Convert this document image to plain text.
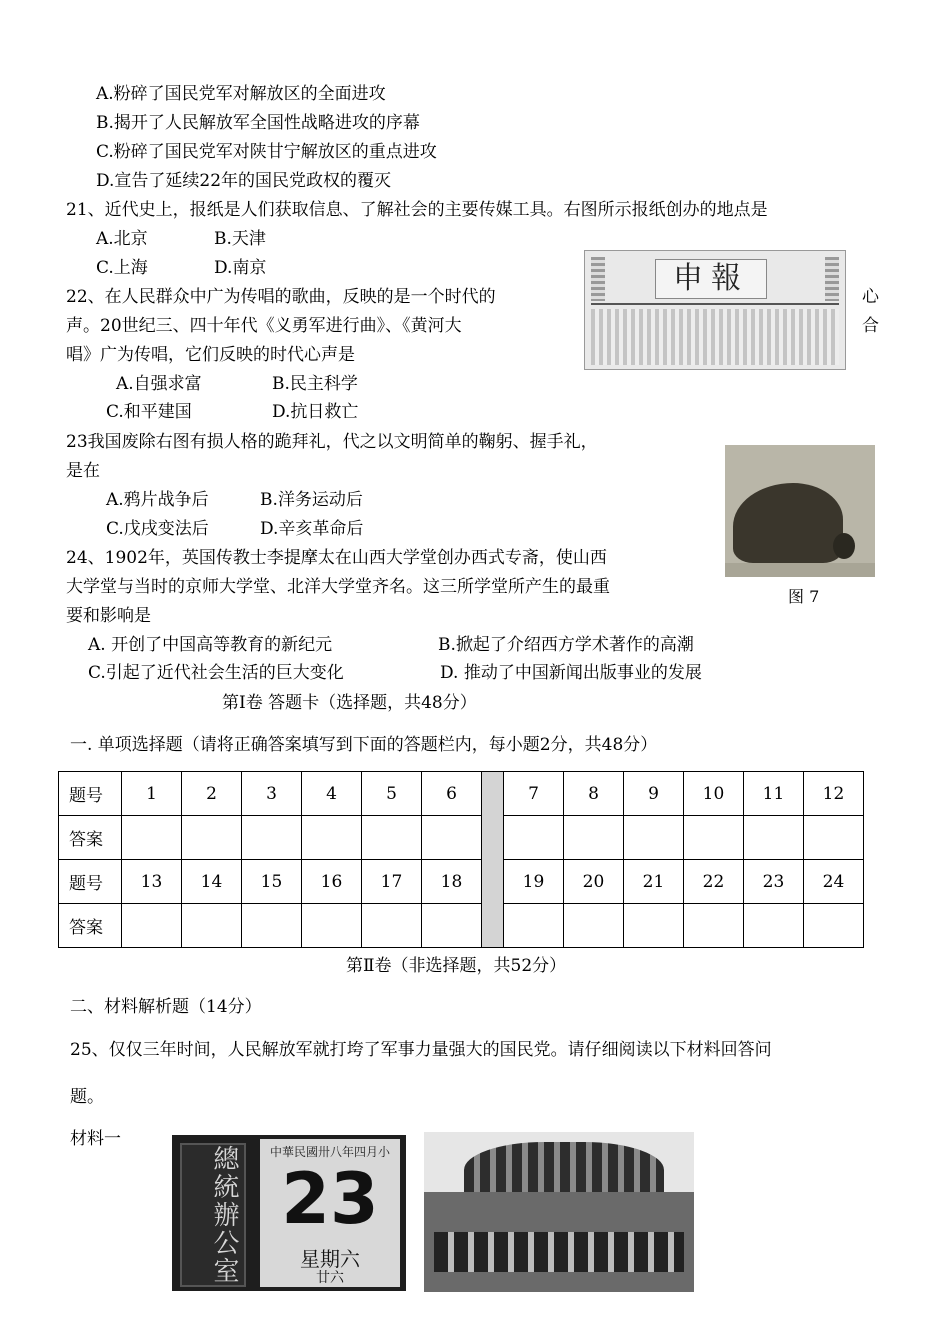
A.粉碎了国民党军对解放区的全面进攻
B.揭开了人民解放军全国性战略进攻的序幕
C.粉碎了国民党军对陕甘宁解放区的重点进攻
D.宣告了延续22年的国民党政权的覆灭
21、近代史上，报纸是人们获取信息、了解社会的主要传媒工具。右图所示报纸创办的地点是
A.北京	B.天津
C.上海	D.南京	申報
22、在人民群众中广为传唱的歌曲，反映的是一个时代的	心
声。20世纪三、四十年代《义勇军进行曲》、《黄河大	合
唱》广为传唱，它们反映的时代心声是
A.自强求富	B.民主科学
C.和平建国	D.抗日救亡
23我国废除右图有损人格的跪拜礼，代之以文明简单的鞠躬、握手礼，
是在
A.鸦片战争后	B.洋务运动后
C.戊戌变法后	D.辛亥革命后
图 7
24、1902年，英国传教士李提摩太在山西大学堂创办西式专斋，使山西
大学堂与当时的京师大学堂、北洋大学堂齐名。这三所学堂所产生的最重
要和影响是
A. 开创了中国高等教育的新纪元	B.掀起了介绍西方学术著作的高潮
C.引起了近代社会生活的巨大变化	D. 推动了中国新闻出版事业的发展
第Ⅰ卷 答题卡（选择题，共48分）
一. 单项选择题（请将正确答案填写到下面的答题栏内，每小题2分，共48分）
题号	1	2	3	4	5	6		7	8	9	10	11	12
答案													
题号	13	14	15	16	17	18		19	20	21	22	23	24
答案													
第Ⅱ卷（非选择题，共52分）
二、材料解析题（14分）
25、仅仅三年时间，人民解放军就打垮了军事力量强大的国民党。请仔细阅读以下材料回答问
题。
材料一
總統辦公室	中華民國卅八年四月小
23
星期六
廿六
